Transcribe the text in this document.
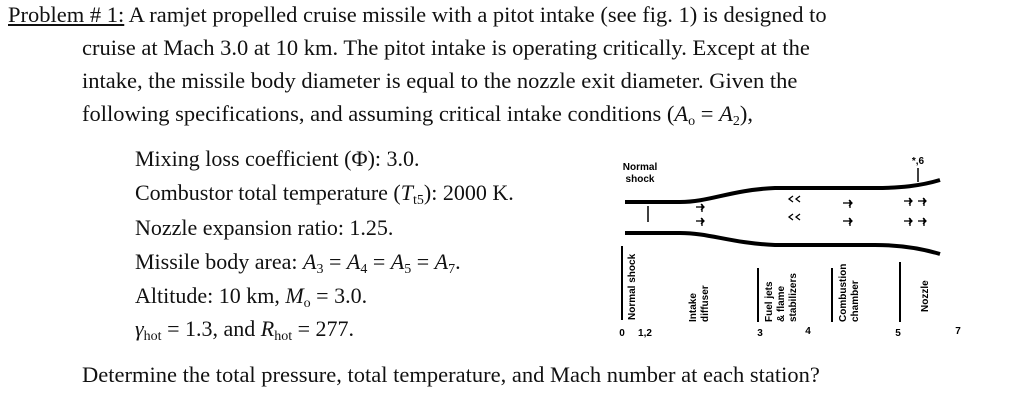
Problem # 1: A ramjet propelled cruise missile with a pitot intake (see fig. 1) is designed to
cruise at Mach 3.0 at 10 km. The pitot intake is operating critically. Except at the
intake, the missile body diameter is equal to the nozzle exit diameter. Given the
following specifications, and assuming critical intake conditions $(A_o = A_2)$,
Mixing loss coefficient (Φ): 3.0.
Combustor total temperature $(T_{t5})$: 2000 K.
Nozzle expansion ratio: 1.25.
Missile body area: $A_3 = A_4 = A_5 = A_7$.
Altitude: 10 km, $M_o = 3.0$.
$\gamma_{hot} = 1.3$, and $R_{hot} = 277$.
Determine the total pressure, total temperature, and Mach number at each station?
Normal
shock
*,6
Normal shock	Intake diffuser	Fuel jets & flame stabilizers	Combustion chamber	Nozzle
0 1,2	3	4	5	7
